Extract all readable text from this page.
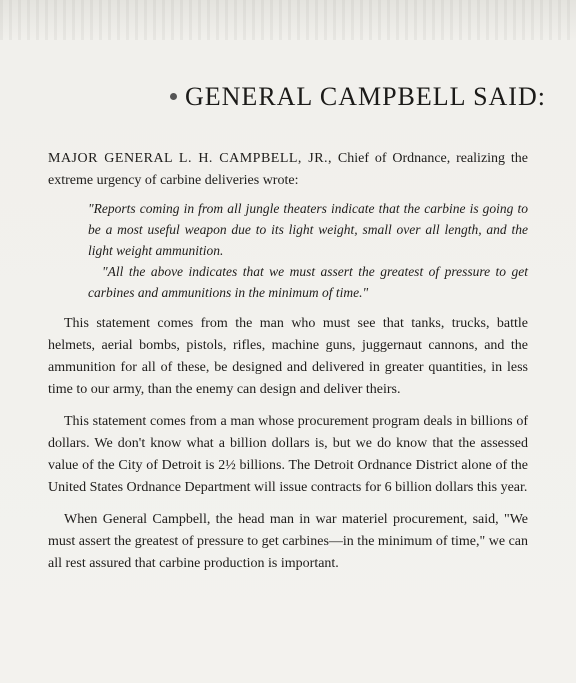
GENERAL CAMPBELL SAID:

MAJOR GENERAL L. H. CAMPBELL, JR., Chief of Ordnance, realizing the extreme urgency of carbine deliveries wrote:

"Reports coming in from all jungle theaters indicate that the carbine is going to be a most useful weapon due to its light weight, small over all length, and the light weight ammunition.

"All the above indicates that we must assert the greatest of pressure to get carbines and ammunitions in the minimum of time."

This statement comes from the man who must see that tanks, trucks, battle helmets, aerial bombs, pistols, rifles, machine guns, juggernaut cannons, and the ammunition for all of these, be designed and delivered in greater quantities, in less time to our army, than the enemy can design and deliver theirs.

This statement comes from a man whose procurement program deals in billions of dollars. We don't know what a billion dollars is, but we do know that the assessed value of the City of Detroit is 2½ billions. The Detroit Ordnance District alone of the United States Ordnance Department will issue contracts for 6 billion dollars this year.

When General Campbell, the head man in war materiel procurement, said, "We must assert the greatest of pressure to get carbines—in the minimum of time," we can all rest assured that carbine production is important.
